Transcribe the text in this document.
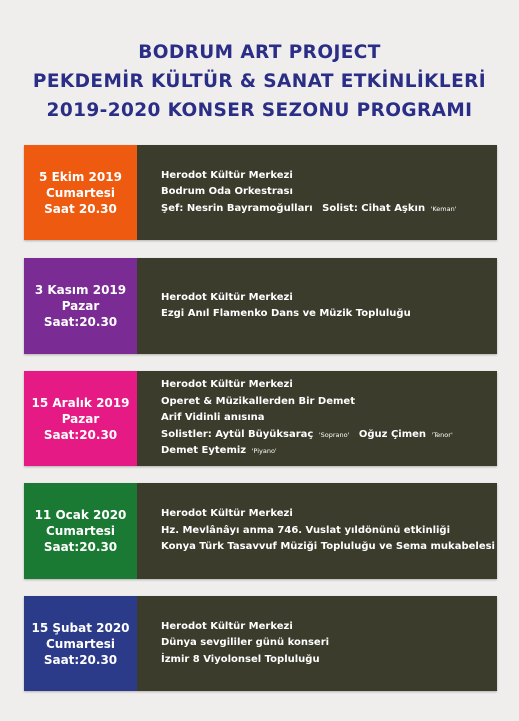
BODRUM ART PROJECT
PEKDEMİR KÜLTÜR & SANAT ETKİNLİKLERİ
2019-2020 KONSER SEZONU PROGRAMI
5 Ekim 2019
Cumartesi
Saat 20.30
Herodot Kültür Merkezi
Bodrum Oda Orkestrası
Şef: Nesrin Bayramoğulları Solist: Cihat Aşkın 'Keman'
3 Kasım 2019
Pazar
Saat:20.30
Herodot Kültür Merkezi
Ezgi Anıl Flamenko Dans ve Müzik Topluluğu
15 Aralık 2019
Pazar
Saat:20.30
Herodot Kültür Merkezi
Operet & Müzikallerden Bir Demet
Arif Vidinli anısına
Solistler: Aytül Büyüksaraç 'Soprano' Oğuz Çimen 'Tenor'
Demet Eytemiz 'Piyano'
11 Ocak 2020
Cumartesi
Saat:20.30
Herodot Kültür Merkezi
Hz. Mevlânâyı anma 746. Vuslat yıldönünü etkinliği
Konya Türk Tasavvuf Müziği Topluluğu ve Sema mukabelesi
15 Şubat 2020
Cumartesi
Saat:20.30
Herodot Kültür Merkezi
Dünya sevgililer günü konseri
İzmir 8 Viyolonsel Topluluğu
